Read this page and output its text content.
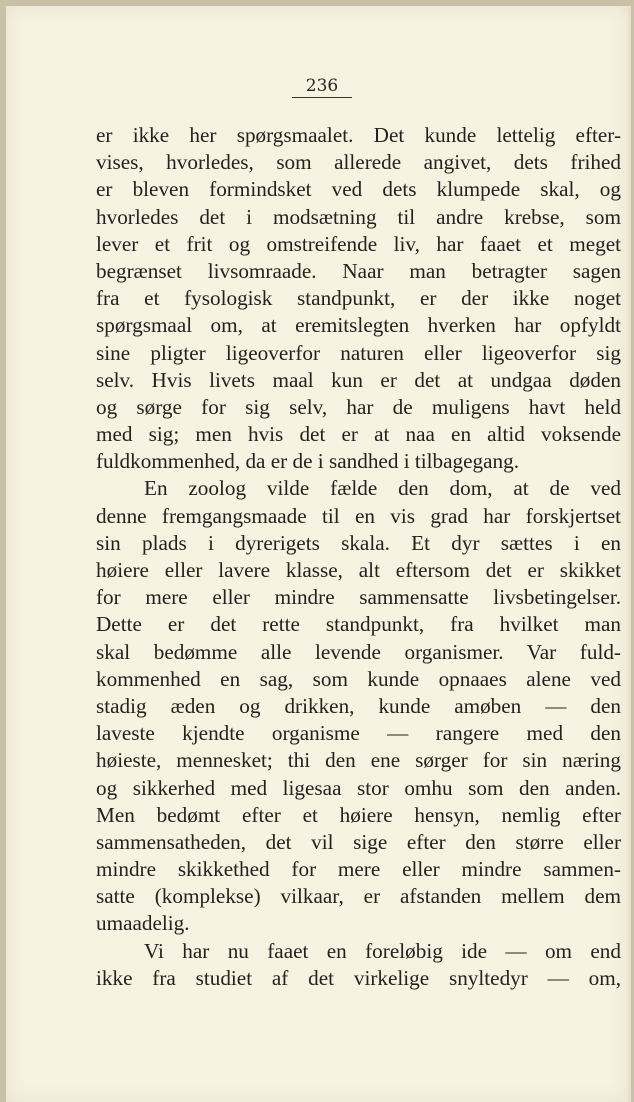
236
er ikke her spørgsmaalet. Det kunde lettelig efter-
vises, hvorledes, som allerede angivet, dets frihed
er bleven formindsket ved dets klumpede skal, og
hvorledes det i modsætning til andre krebse, som
lever et frit og omstreifende liv, har faaet et meget
begrænset livsomraade. Naar man betragter sagen
fra et fysologisk standpunkt, er der ikke noget
spørgsmaal om, at eremitslegten hverken har opfyldt
sine pligter ligeoverfor naturen eller ligeoverfor sig
selv. Hvis livets maal kun er det at undgaa døden
og sørge for sig selv, har de muligens havt held
med sig; men hvis det er at naa en altid voksende
fuldkommenhed, da er de i sandhed i tilbagegang.
En zoolog vilde fælde den dom, at de ved
denne fremgangsmaade til en vis grad har forskjertset
sin plads i dyrerigets skala. Et dyr sættes i en
høiere eller lavere klasse, alt eftersom det er skikket
for mere eller mindre sammensatte livsbetingelser.
Dette er det rette standpunkt, fra hvilket man
skal bedømme alle levende organismer. Var fuld-
kommenhed en sag, som kunde opnaaes alene ved
stadig æden og drikken, kunde amøben — den
laveste kjendte organisme — rangere med den
høieste, mennesket; thi den ene sørger for sin næring
og sikkerhed med ligesaa stor omhu som den anden.
Men bedømt efter et høiere hensyn, nemlig efter
sammensatheden, det vil sige efter den større eller
mindre skikkethed for mere eller mindre sammen-
satte (komplekse) vilkaar, er afstanden mellem dem
umaadelig.
Vi har nu faaet en foreløbig ide — om end
ikke fra studiet af det virkelige snyltedyr — om,
